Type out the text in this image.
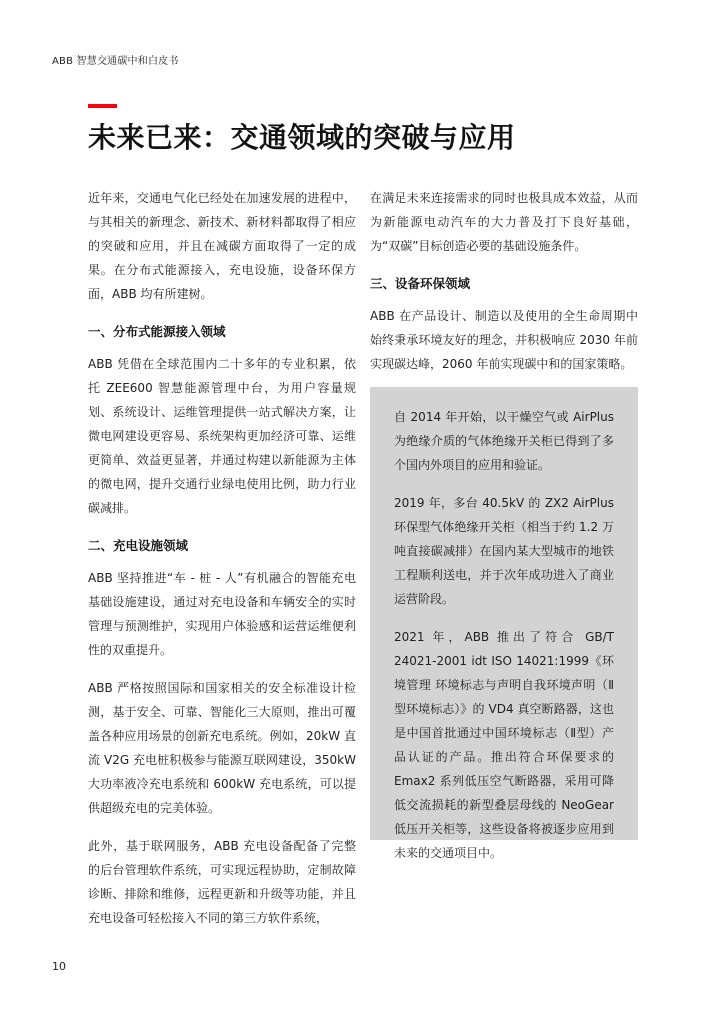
ABB 智慧交通碳中和白皮书
未来已来：交通领域的突破与应用

近年来，交通电气化已经处在加速发展的进程中，与其相关的新理念、新技术、新材料都取得了相应的突破和应用，并且在减碳方面取得了一定的成果。在分布式能源接入，充电设施，设备环保方面，ABB 均有所建树。

一、分布式能源接入领域

ABB 凭借在全球范围内二十多年的专业积累，依托 ZEE600 智慧能源管理中台，为用户容量规划、系统设计、运维管理提供一站式解决方案，让微电网建设更容易、系统架构更加经济可靠、运维更简单、效益更显著，并通过构建以新能源为主体的微电网，提升交通行业绿电使用比例，助力行业碳减排。

二、充电设施领域

ABB 坚持推进“车 - 桩 - 人”有机融合的智能充电基础设施建设，通过对充电设备和车辆安全的实时管理与预测维护，实现用户体验感和运营运维便利性的双重提升。

ABB 严格按照国际和国家相关的安全标准设计检测，基于安全、可靠、智能化三大原则，推出可覆盖各种应用场景的创新充电系统。例如，20kW 直流 V2G 充电桩积极参与能源互联网建设，350kW 大功率液冷充电系统和 600kW 充电系统，可以提供超级充电的完美体验。

此外，基于联网服务，ABB 充电设备配备了完整的后台管理软件系统，可实现远程协助，定制故障诊断、排除和维修，远程更新和升级等功能，并且充电设备可轻松接入不同的第三方软件系统，

在满足未来连接需求的同时也极具成本效益，从而为新能源电动汽车的大力普及打下良好基础，为“双碳”目标创造必要的基础设施条件。

三、设备环保领域

ABB 在产品设计、制造以及使用的全生命周期中始终秉承环境友好的理念，并积极响应 2030 年前实现碳达峰，2060 年前实现碳中和的国家策略。

自 2014 年开始，以干燥空气或 AirPlus 为绝缘介质的气体绝缘开关柜已得到了多个国内外项目的应用和验证。

2019 年，多台 40.5kV 的 ZX2 AirPlus 环保型气体绝缘开关柜（相当于约 1.2 万吨直接碳减排）在国内某大型城市的地铁工程顺利送电，并于次年成功进入了商业运营阶段。

2021 年，ABB 推出了符合 GB/T 24021-2001 idt ISO 14021:1999《环境管理 环境标志与声明自我环境声明（Ⅱ型环境标志）》的 VD4 真空断路器，这也是中国首批通过中国环境标志（Ⅱ型）产品认证的产品。推出符合环保要求的 Emax2 系列低压空气断路器，采用可降低交流损耗的新型叠层母线的 NeoGear 低压开关柜等，这些设备将被逐步应用到未来的交通项目中。

10
